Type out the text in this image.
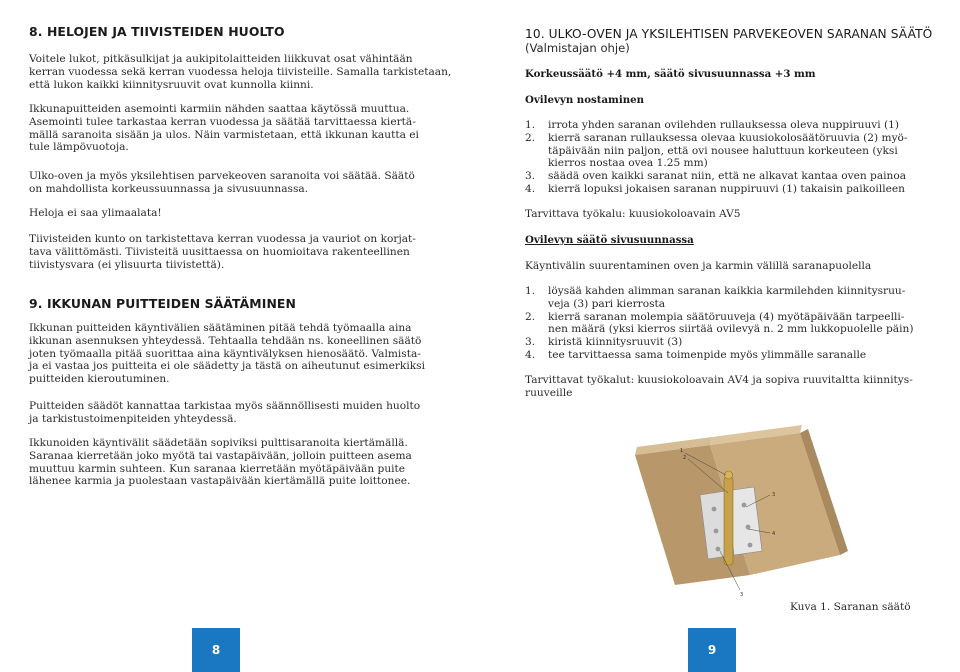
8. HELOJEN JA TIIVISTEIDEN HUOLTO

Voitele lukot, pitkäsulkijat ja aukipitolaitteiden liikkuvat osat vähintään
kerran vuodessa sekä kerran vuodessa heloja tiivisteille. Samalla tarkistetaan,
että lukon kaikki kiinnitysruuvit ovat kunnolla kiinni.

Ikkunapuitteiden asemointi karmiin nähden saattaa käytössä muuttua.
Asemointi tulee tarkastaa kerran vuodessa ja säätää tarvittaessa kiertä-
mällä saranoita sisään ja ulos. Näin varmistetaan, että ikkunan kautta ei
tule lämpövuotoja.

Ulko-oven ja myös yksilehtisen parvekeoven saranoita voi säätää. Säätö
on mahdollista korkeussuunnassa ja sivusuunnassa.

Heloja ei saa ylimaalata!

Tiivisteiden kunto on tarkistettava kerran vuodessa ja vauriot on korjat-
tava välittömästi. Tiivisteitä uusittaessa on huomioitava rakenteellinen
tiivistysvara (ei ylisuurta tiivistettä).

9. IKKUNAN PUITTEIDEN SÄÄTÄMINEN

Ikkunan puitteiden käyntivälien säätäminen pitää tehdä työmaalla aina
ikkunan asennuksen yhteydessä. Tehtaalla tehdään ns. koneellinen säätö
joten työmaalla pitää suorittaa aina käyntivälyksen hienosäätö. Valmista-
ja ei vastaa jos puitteita ei ole säädetty ja tästä on aiheutunut esimerkiksi
puitteiden kieroutuminen.

Puitteiden säädöt kannattaa tarkistaa myös säännöllisesti muiden huolto
ja tarkistustoimenpiteiden yhteydessä.

Ikkunoiden käyntivälit säädetään sopiviksi pulttisaranoita kiertämällä.
Saranaa kierretään joko myötä tai vastapäivään, jolloin puitteen asema
muuttuu karmin suhteen. Kun saranaa kierretään myötäpäivään puite
lähenee karmia ja puolestaan vastapäivään kiertämällä puite loittonee.

8
10. ULKO-OVEN JA YKSILEHTISEN PARVEKEOVEN SARANAN SÄÄTÖ

(Valmistajan ohje)

Korkeussäätö +4 mm, säätö sivusuunnassa +3 mm

Ovilevyn nostaminen

1. irrota yhden saranan ovilehden rullauksessa oleva nuppiruuvi (1)
2. kierrä saranan rullauksessa olevaa kuusiokolosäätöruuvia (2) myö-
täpäivään niin paljon, että ovi nousee haluttuun korkeuteen (yksi
kierros nostaa ovea 1.25 mm)
3. säädä oven kaikki saranat niin, että ne alkavat kantaa oven painoa
4. kierrä lopuksi jokaisen saranan nuppiruuvi (1) takaisin paikoilleen

Tarvittava työkalu: kuusiokoloavain AV5

Ovilevyn säätö sivusuunnassa

Käyntivälin suurentaminen oven ja karmin välillä saranapuolella

1. löysää kahden alimman saranan kaikkia karmilehden kiinnitysruu-
veja (3) pari kierrosta
2. kierrä saranan molempia säätöruuveja (4) myötäpäivään tarpeelli-
nen määrä (yksi kierros siirtää ovilevyä n. 2 mm lukkopuolelle päin)
3. kiristä kiinnitysruuvit (3)
4. tee tarvittaessa sama toimenpide myös ylimmälle saranalle

Tarvittavat työkalut: kuusiokoloavain AV4 ja sopiva ruuvitaltta kiinnitys-
ruuveille

1
2
3
4
3

Kuva 1. Saranan säätö

9
